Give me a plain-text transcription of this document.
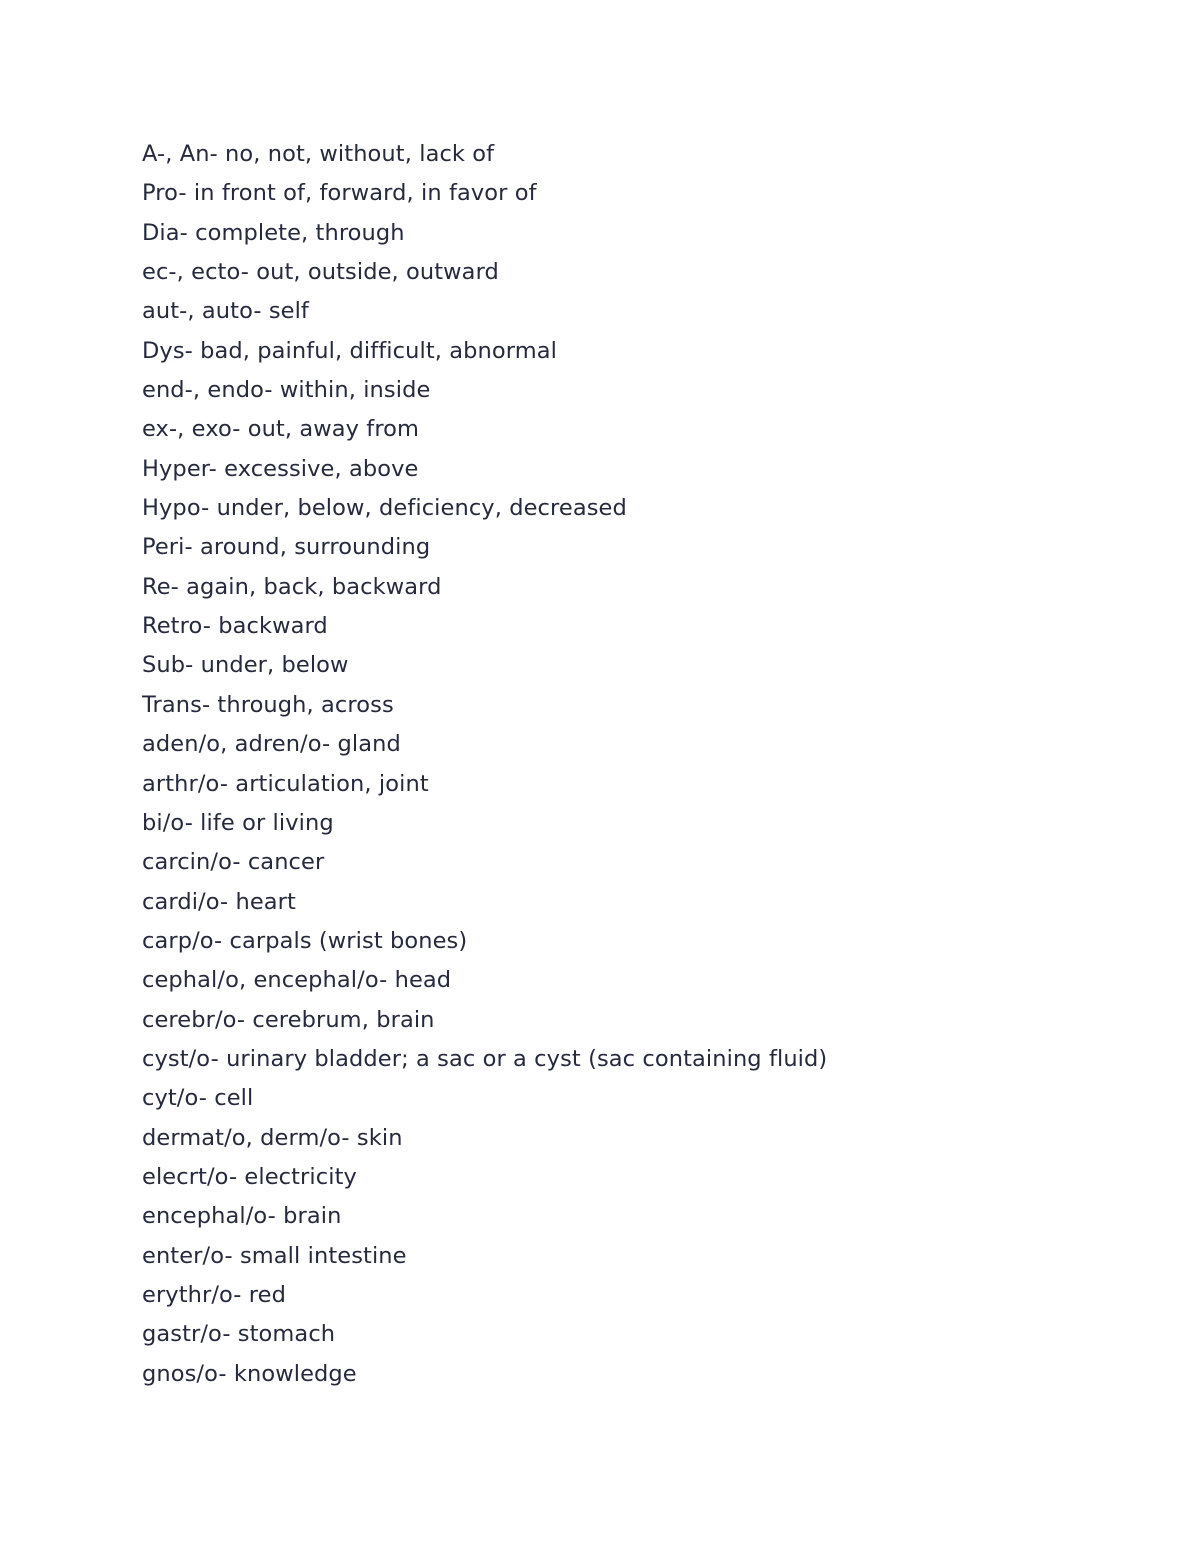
A-, An- no, not, without, lack of
Pro- in front of, forward, in favor of
Dia- complete, through
ec-, ecto- out, outside, outward
aut-, auto- self
Dys- bad, painful, difficult, abnormal
end-, endo- within, inside
ex-, exo- out, away from
Hyper- excessive, above
Hypo- under, below, deficiency, decreased
Peri- around, surrounding
Re- again, back, backward
Retro- backward
Sub- under, below
Trans- through, across
aden/o, adren/o- gland
arthr/o- articulation, joint
bi/o- life or living
carcin/o- cancer
cardi/o- heart
carp/o- carpals (wrist bones)
cephal/o, encephal/o- head
cerebr/o- cerebrum, brain
cyst/o- urinary bladder; a sac or a cyst (sac containing fluid)
cyt/o- cell
dermat/o, derm/o- skin
elecrt/o- electricity
encephal/o- brain
enter/o- small intestine
erythr/o- red
gastr/o- stomach
gnos/o- knowledge
